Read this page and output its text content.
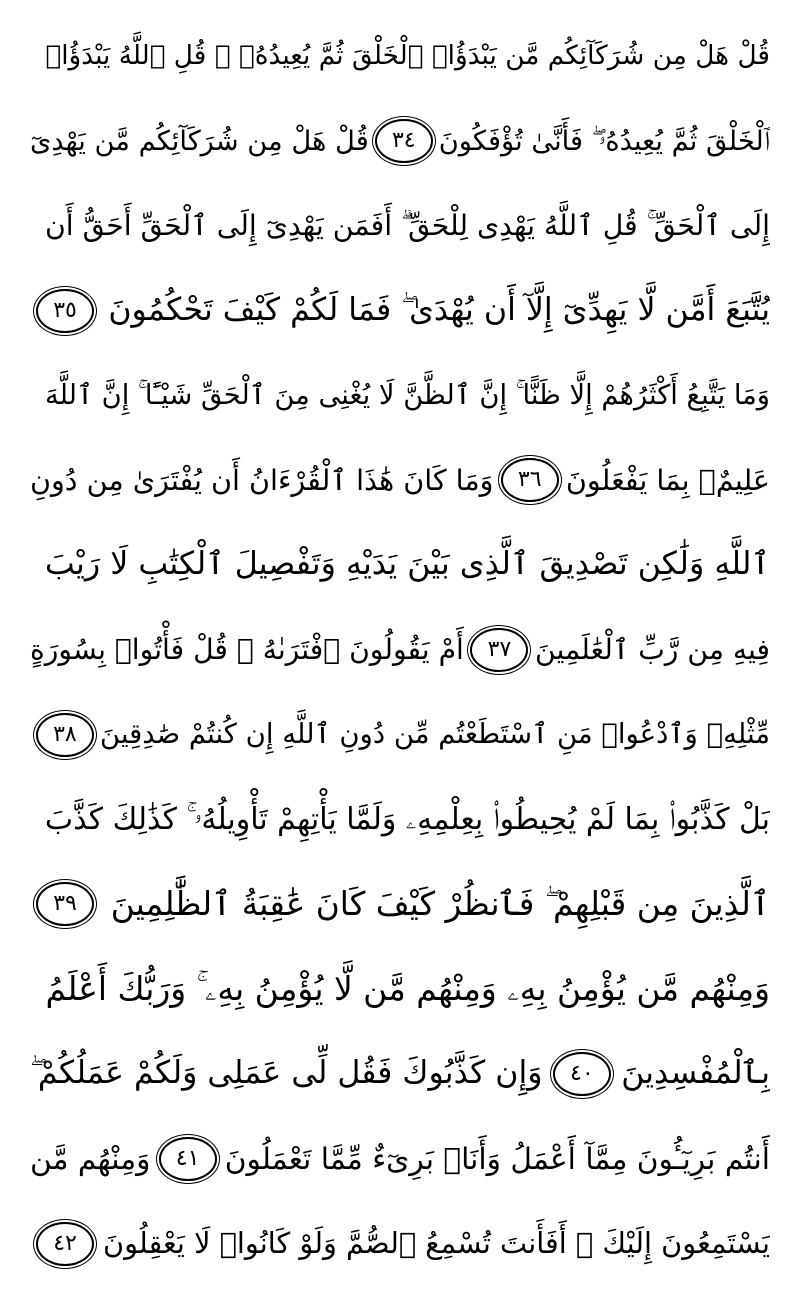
قُلْ هَلْ مِن شُرَكَآئِكُم مَّن يَبْدَؤُا۟ ٱلْخَلْقَ ثُمَّ يُعِيدُهُۥ ۚ قُلِ ٱللَّهُ يَبْدَؤُا۟
ٱلْخَلْقَ ثُمَّ يُعِيدُهُۥ ۖ فَأَنَّىٰ تُؤْفَكُونَ
٣٤
قُلْ هَلْ مِن شُرَكَآئِكُم مَّن يَهْدِىٓ
إِلَى ٱلْحَقِّ ۚ قُلِ ٱللَّهُ يَهْدِى لِلْحَقِّ ۗ أَفَمَن يَهْدِىٓ إِلَى ٱلْحَقِّ أَحَقُّ أَن
يُتَّبَعَ أَمَّن لَّا يَهِدِّىٓ إِلَّآ أَن يُهْدَىٰ ۖ فَمَا لَكُمْ كَيْفَ تَحْكُمُونَ
٣٥
وَمَا يَتَّبِعُ أَكْثَرُهُمْ إِلَّا ظَنًّا ۚ إِنَّ ٱلظَّنَّ لَا يُغْنِى مِنَ ٱلْحَقِّ شَيْـًٔا ۚ إِنَّ ٱللَّهَ
عَلِيمٌۢ بِمَا يَفْعَلُونَ
٣٦
وَمَا كَانَ هَٰذَا ٱلْقُرْءَانُ أَن يُفْتَرَىٰ مِن دُونِ
ٱللَّهِ وَلَٰكِن تَصْدِيقَ ٱلَّذِى بَيْنَ يَدَيْهِ وَتَفْصِيلَ ٱلْكِتَٰبِ لَا رَيْبَ
فِيهِ مِن رَّبِّ ٱلْعَٰلَمِينَ
٣٧
أَمْ يَقُولُونَ ٱفْتَرَىٰهُ ۖ قُلْ فَأْتُوا۟ بِسُورَةٍ
مِّثْلِهِۦ وَٱدْعُوا۟ مَنِ ٱسْتَطَعْتُم مِّن دُونِ ٱللَّهِ إِن كُنتُمْ صَٰدِقِينَ
٣٨
بَلْ كَذَّبُوا۟ بِمَا لَمْ يُحِيطُوا۟ بِعِلْمِهِۦ وَلَمَّا يَأْتِهِمْ تَأْوِيلُهُۥ ۚ كَذَٰلِكَ كَذَّبَ
ٱلَّذِينَ مِن قَبْلِهِمْ ۖ فَٱنظُرْ كَيْفَ كَانَ عَٰقِبَةُ ٱلظَّٰلِمِينَ
٣٩
وَمِنْهُم مَّن يُؤْمِنُ بِهِۦ وَمِنْهُم مَّن لَّا يُؤْمِنُ بِهِۦ ۚ وَرَبُّكَ أَعْلَمُ
بِٱلْمُفْسِدِينَ
٤٠
وَإِن كَذَّبُوكَ فَقُل لِّى عَمَلِى وَلَكُمْ عَمَلُكُمْ ۖ
أَنتُم بَرِيٓـُٔونَ مِمَّآ أَعْمَلُ وَأَنَا۠ بَرِىٓءٌ مِّمَّا تَعْمَلُونَ
٤١
وَمِنْهُم مَّن
يَسْتَمِعُونَ إِلَيْكَ ۚ أَفَأَنتَ تُسْمِعُ ٱلصُّمَّ وَلَوْ كَانُوا۟ لَا يَعْقِلُونَ
٤٢
